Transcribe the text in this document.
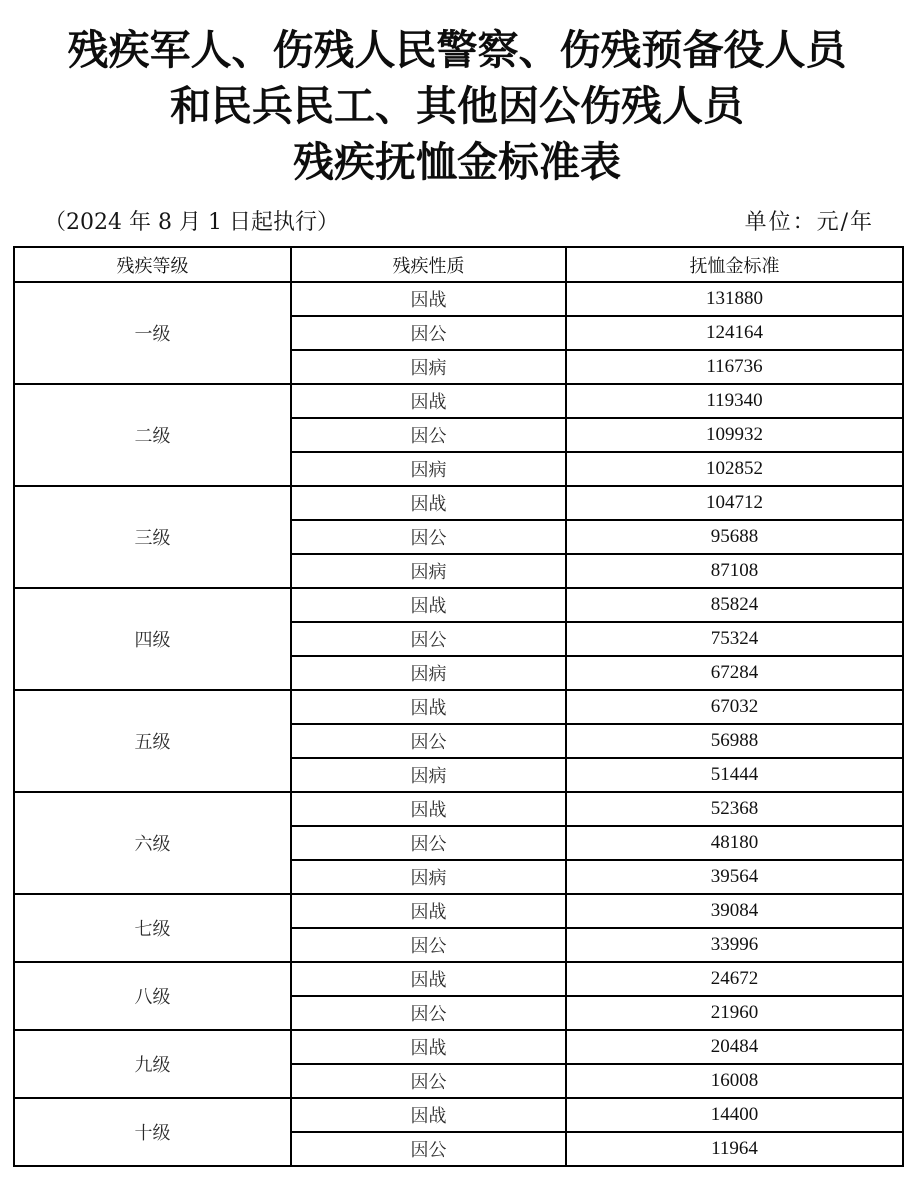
残疾军人、伤残人民警察、伤残预备役人员
和民兵民工、其他因公伤残人员
残疾抚恤金标准表
（2024 年 8 月 1 日起执行）	单位：元/年
残疾等级	残疾性质	抚恤金标准
一级	因战	131880
	因公	124164
	因病	116736
二级	因战	119340
	因公	109932
	因病	102852
三级	因战	104712
	因公	95688
	因病	87108
四级	因战	85824
	因公	75324
	因病	67284
五级	因战	67032
	因公	56988
	因病	51444
六级	因战	52368
	因公	48180
	因病	39564
七级	因战	39084
	因公	33996
八级	因战	24672
	因公	21960
九级	因战	20484
	因公	16008
十级	因战	14400
	因公	11964
